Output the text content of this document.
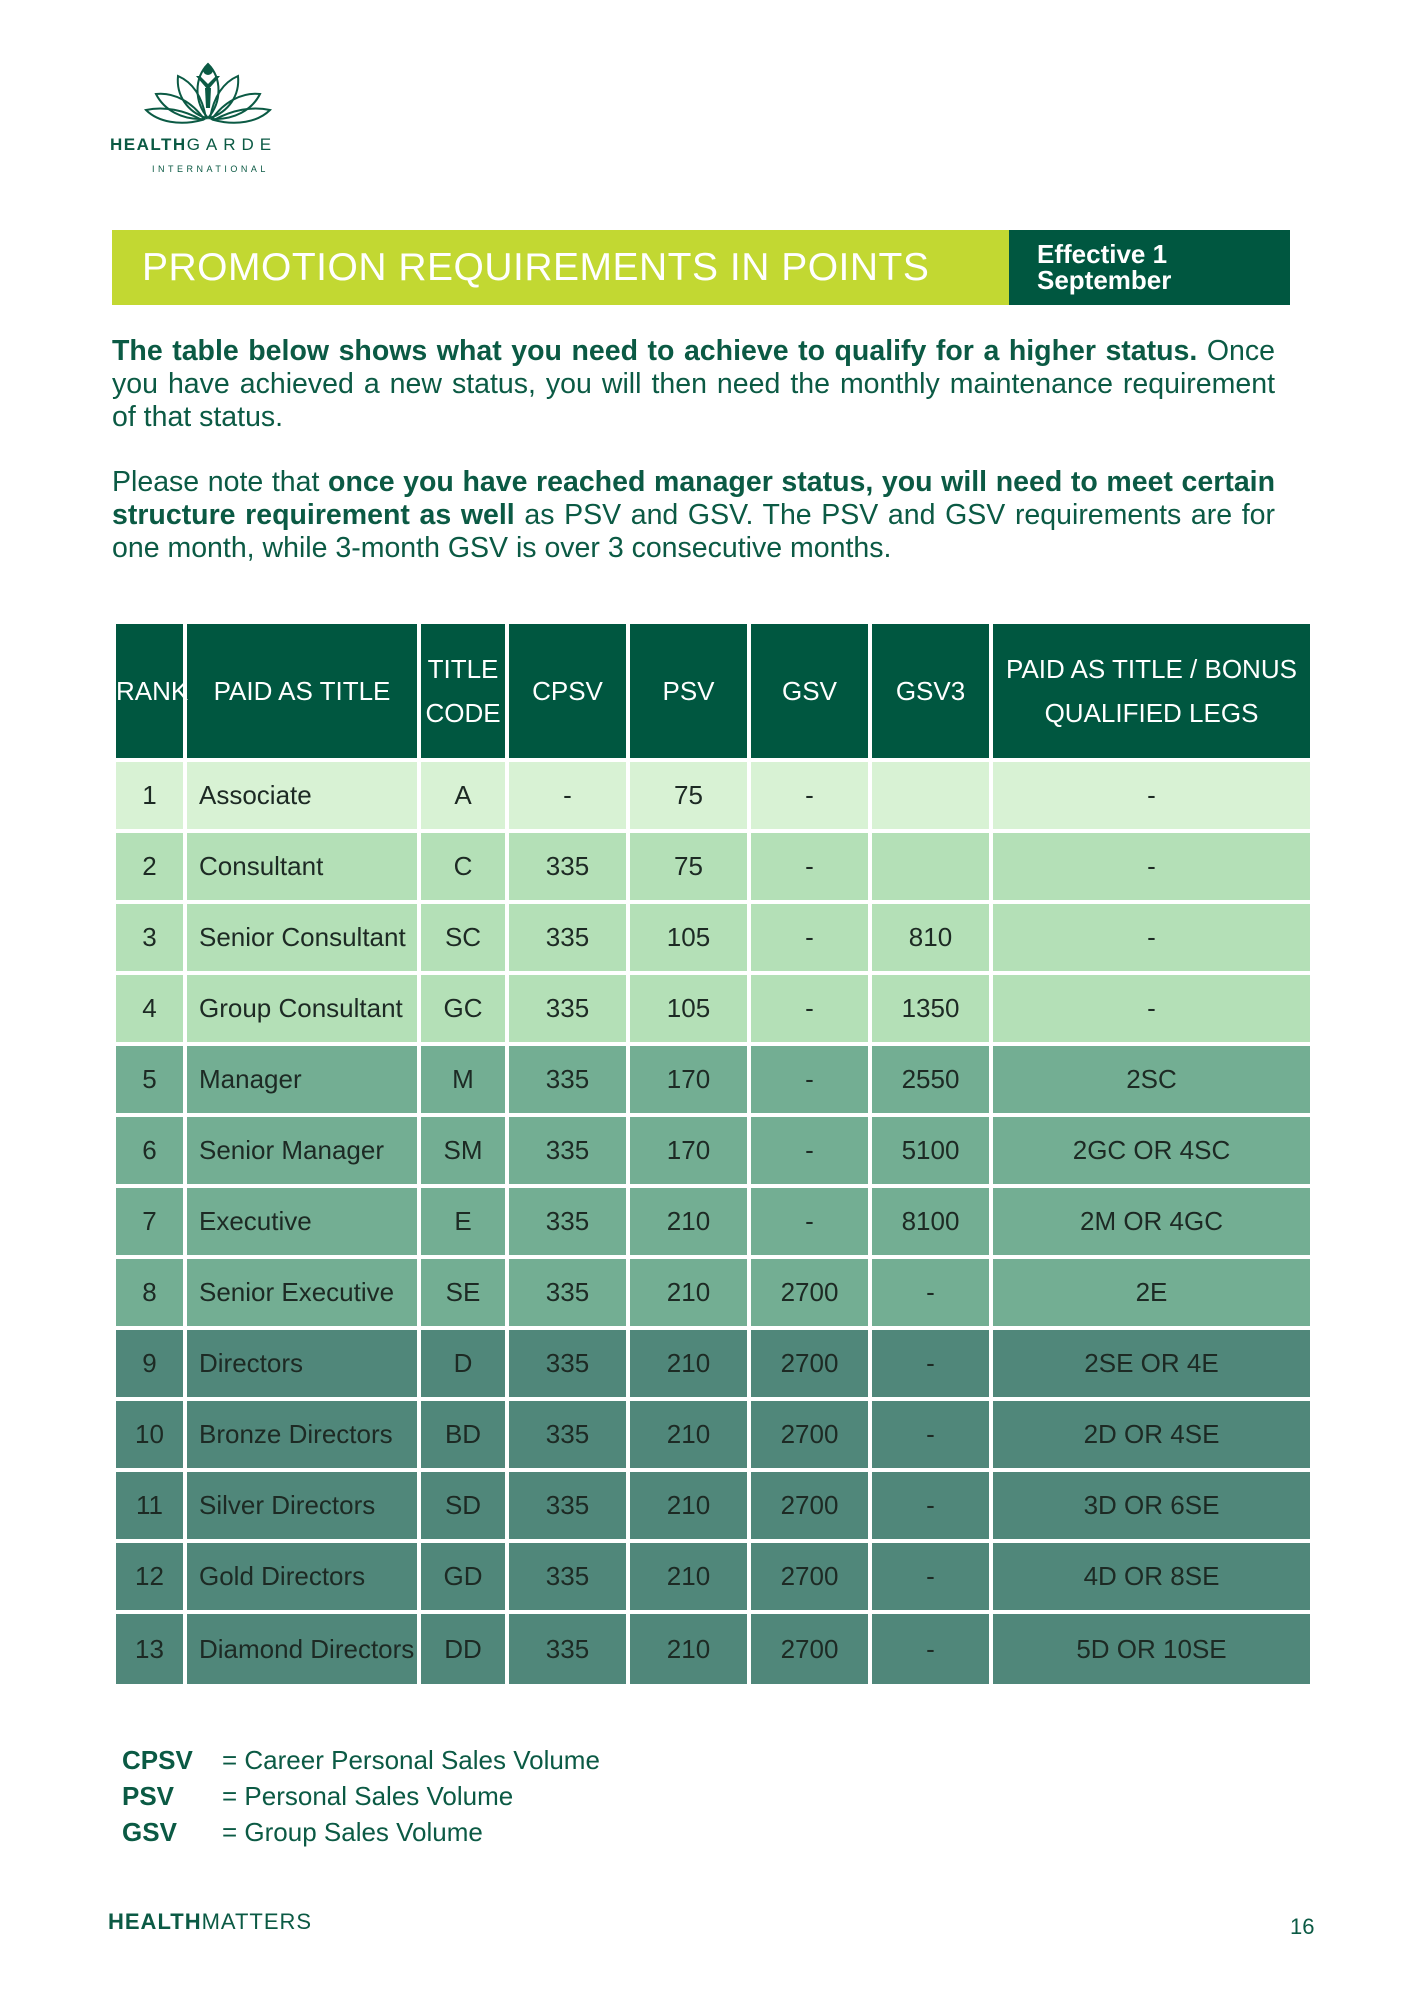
HEALTHGARDE
INTERNATIONAL
PROMOTION REQUIREMENTS IN POINTS	Effective 1
September
The table below shows what you need to achieve to qualify for a higher status. Once you have achieved a new status, you will then need the monthly maintenance requirement of that status.
Please note that once you have reached manager status, you will need to meet certain structure requirement as well as PSV and GSV. The PSV and GSV requirements are for one month, while 3-month GSV is over 3 consecutive months.
RANK	PAID AS TITLE	TITLE
CODE	CPSV	PSV	GSV	GSV3	PAID AS TITLE / BONUS
QUALIFIED LEGS
1	Associate	A	-	75	-		-
2	Consultant	C	335	75	-		-
3	Senior Consultant	SC	335	105	-	810	-
4	Group Consultant	GC	335	105	-	1350	-
5	Manager	M	335	170	-	2550	2SC
6	Senior Manager	SM	335	170	-	5100	2GC OR 4SC
7	Executive	E	335	210	-	8100	2M OR 4GC
8	Senior Executive	SE	335	210	2700	-	2E
9	Directors	D	335	210	2700	-	2SE OR 4E
10	Bronze Directors	BD	335	210	2700	-	2D OR 4SE
11	Silver Directors	SD	335	210	2700	-	3D OR 6SE
12	Gold Directors	GD	335	210	2700	-	4D OR 8SE
13	Diamond Directors	DD	335	210	2700	-	5D OR 10SE
CPSV	= Career Personal Sales Volume
PSV	= Personal Sales Volume
GSV	= Group Sales Volume
HEALTHMATTERS	16
